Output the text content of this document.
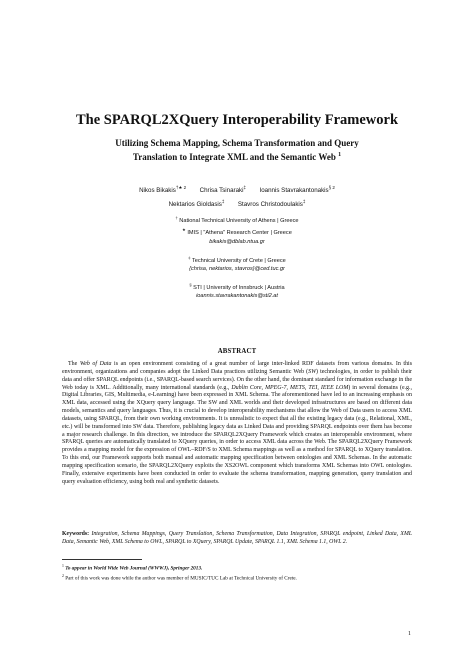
The SPARQL2XQuery Interoperability Framework
Utilizing Schema Mapping, Schema Transformation and Query
Translation to Integrate XML and the Semantic Web $^1$
Nikos Bikakis$^{\dagger★ 2}$ Chrisa Tsinaraki‡ Ioannis Stavrakantonakis$^{\S 2}$
Nektarios Gioldasis‡ Stavros Christodoulakis‡
† National Technical University of Athens | Greece
★ IMIS | "Athena" Research Center | Greece
bikakis@dblab.ntua.gr
‡ Technical University of Crete | Greece
{chrisa, nektarios, stavros}@ced.tuc.gr
§ STI | University of Innsbruck | Austria
ioannis.stavrakantonakis@sti2.at
ABSTRACT
The Web of Data is an open environment consisting of a great number of large inter-linked RDF datasets from various domains. In this environment, organizations and companies adopt the Linked Data practices utilizing Semantic Web (SW) technologies, in order to publish their data and offer SPARQL endpoints (i.e., SPARQL-based search services). On the other hand, the dominant standard for information exchange in the Web today is XML. Additionally, many international standards (e.g., Dublin Core, MPEG-7, METS, TEI, IEEE LOM) in several domains (e.g., Digital Libraries, GIS, Multimedia, e-Learning) have been expressed in XML Schema. The aforementioned have led to an increasing emphasis on XML data, accessed using the XQuery query language. The SW and XML worlds and their developed infrastructures are based on different data models, semantics and query languages. Thus, it is crucial to develop interoperability mechanisms that allow the Web of Data users to access XML datasets, using SPARQL, from their own working environments. It is unrealistic to expect that all the existing legacy data (e.g., Relational, XML, etc.) will be transformed into SW data. Therefore, publishing legacy data as Linked Data and providing SPARQL endpoints over them has become a major research challenge. In this direction, we introduce the SPARQL2XQuery Framework which creates an interoperable environment, where SPARQL queries are automatically translated to XQuery queries, in order to access XML data across the Web. The SPARQL2XQuery Framework provides a mapping model for the expression of OWL–RDF/S to XML Schema mappings as well as a method for SPARQL to XQuery translation. To this end, our Framework supports both manual and automatic mapping specification between ontologies and XML Schemas. In the automatic mapping specification scenario, the SPARQL2XQuery exploits the XS2OWL component which transforms XML Schemas into OWL ontologies. Finally, extensive experiments have been conducted in order to evaluate the schema transformation, mapping generation, query translation and query evaluation efficiency, using both real and synthetic datasets.
Keywords: Integration, Schema Mappings, Query Translation, Schema Transformation, Data Integration, SPARQL endpoint, Linked Data, XML Data, Semantic Web, XML Schema to OWL, SPARQL to XQuery, SPARQL Update, SPARQL 1.1, XML Schema 1.1, OWL 2.
$^1$ To appear in World Wide Web Journal (WWWJ), Springer 2013.
$^2$ Part of this work was done while the author was member of MUSIC/TUC Lab at Technical University of Crete.
1
